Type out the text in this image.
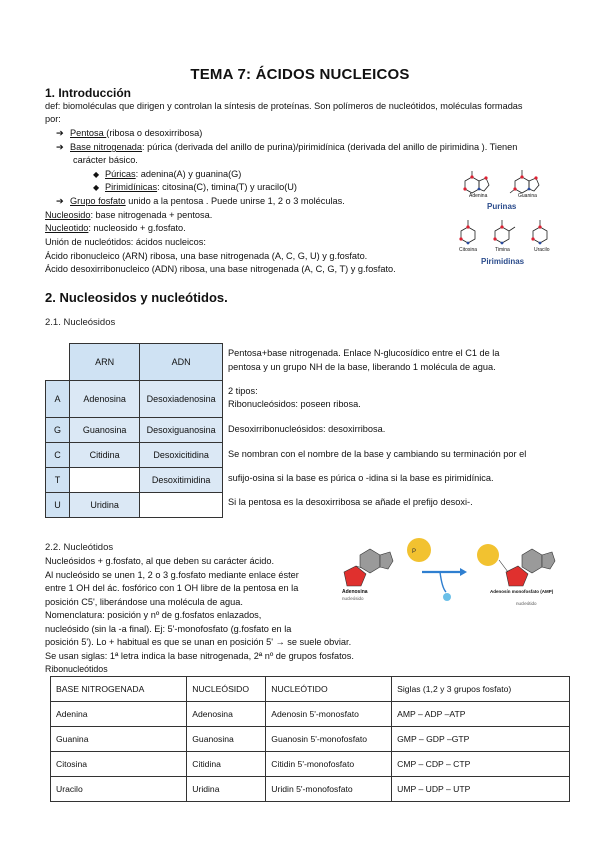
TEMA 7: ÁCIDOS NUCLEICOS
1. Introducción
def: biomoléculas que dirigen y controlan la síntesis de proteínas. Son polímeros de nucleótidos, moléculas formadas
por:
➔ Pentosa (ribosa o desoxirribosa)
➔ Base nitrogenada: púrica (derivada del anillo de purina)/pirimidínica (derivada del anillo de pirimidina ). Tienen
carácter básico.
◆ Púricas: adenina(A) y guanina(G)
◆ Pirimidínicas: citosina(C), timina(T) y uracilo(U)
➔ Grupo fosfato unido a la pentosa . Puede unirse 1, 2 o 3 moléculas.
Nucleosido: base nitrogenada + pentosa.
Nucleotido: nucleosido + g.fosfato.
Unión de nucleótidos: ácidos nucleicos:
Ácido ribonucleico (ARN) ribosa, una base nitrogenada (A, C, G, U) y g.fosfato.
Ácido desoxirribonucleico (ADN) ribosa, una base nitrogenada (A, C, G, T) y g.fosfato.
Adenina	Guanina
Purinas
Citosina	Timina	Uracilo
Pirimidinas
2. Nucleosidos y nucleótidos.
2.1. Nucleósidos
	ARN	ADN
A	Adenosina	Desoxiadenosina
G	Guanosina	Desoxiguanosina
C	Citidina	Desoxicitidina
T		Desoxitimidina
U	Uridina	
Pentosa+base nitrogenada. Enlace N-glucosídico entre el C1 de la
pentosa y un grupo NH de la base, liberando 1 molécula de agua.
2 tipos:
Ribonucleósidos: poseen ribosa.
Desoxirribonucleósidos: desoxirribosa.
Se nombran con el nombre de la base y cambiando su terminación por el
sufijo-osina si la base es púrica o -idina si la base es pirimidínica.
Si la pentosa es la desoxirribosa se añade el prefijo desoxi-.
2.2. Nucleótidos
Nucleósidos + g.fosfato, al que deben su carácter ácido.
Al nucleósido se unen 1, 2 o 3 g.fosfato mediante enlace éster
entre 1 OH del ác. fosfórico con 1 OH libre de la pentosa en la
posición C5', liberándose una molécula de agua.
Nomenclatura: posición y nº de g.fosfatos enlazados,
nucleósido (sin la -a final). Ej: 5'-monofosfato (g.fosfato en la
posición 5'). Lo + habitual es que se unan en posición 5' → se suele obviar.
Se usan siglas: 1ª letra indica la base nitrogenada, 2ª nº de grupos fosfatos.
Ribonucleótidos
P
Adenosina
nucleósido
Adenosín monofosfato (AMP)
nucleótido
BASE NITROGENADA	NUCLEÓSIDO	NUCLEÓTIDO	Siglas (1,2 y 3 grupos fosfato)
Adenina	Adenosina	Adenosin 5'-monosfato	AMP – ADP –ATP
Guanina	Guanosina	Guanosin 5'-monofosfato	GMP – GDP –GTP
Citosina	Citidina	Citidin 5'-monofosfato	CMP – CDP – CTP
Uracilo	Uridina	Uridin 5'-monofosfato	UMP – UDP – UTP
